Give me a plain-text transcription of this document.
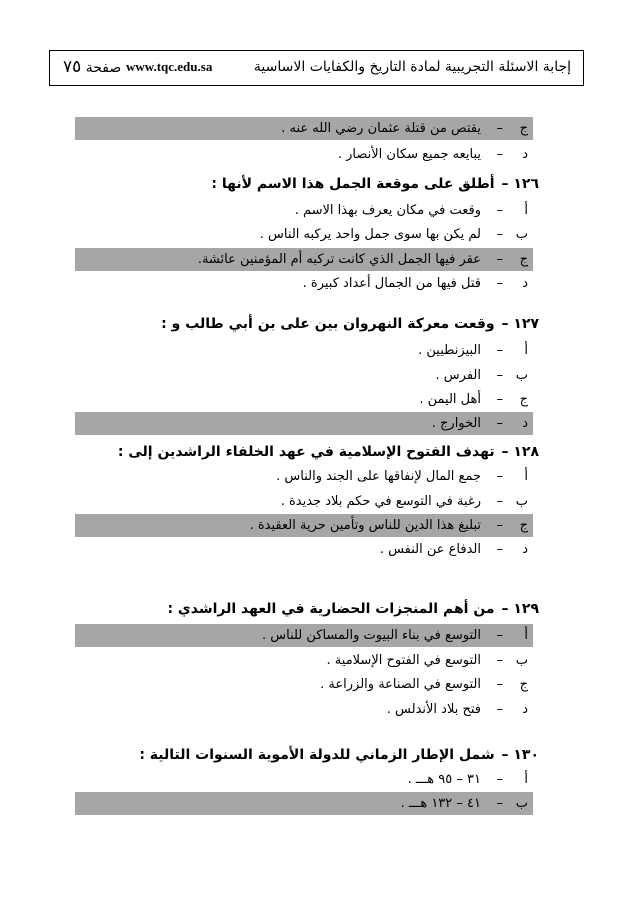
إجابة الاسئلة التجريبية لمادة التاريخ والكفايات الاساسية
www.tqc.edu.sa
صفحة ٧٥
ج
–
يقتص من قتلة عثمان رضي الله عنه .
د
–
يبايعه جميع سكان الأنصار .
١٢٦ – أطلق على موقعة الجمل هذا الاسم لأنها :
أ
–
وقعت في مكان يعرف بهذا الاسم .
ب
–
لم يكن بها سوى جمل واحد يركبه الناس .
ج
–
عقر فيها الجمل الذي كانت تركبه أم المؤمنين عائشة.
د
–
قتل فيها من الجمال أعداد كبيرة .
١٢٧ – وقعت معركة النهروان بين على بن أبي طالب و :
أ
–
البيزنطيين .
ب
–
الفرس .
ج
–
أهل اليمن .
د
–
الخوارج .
١٢٨ – تهدف الفتوح الإسلامية في عهد الخلفاء الراشدين إلى :
أ
–
جمع المال لإنفاقها على الجند والناس .
ب
–
رغبة في التوسع في حكم بلاد جديدة .
ج
–
تبليغ هذا الدين للناس وتأمين حرية العقيدة .
د
–
الدفاع عن النفس .
١٢٩ – من أهم المنجزات الحضارية في العهد الراشدي :
أ
–
التوسع في بناء البيوت والمساكن للناس .
ب
–
التوسع في الفتوح الإسلامية .
ج
–
التوسع في الصناعة والزراعة .
د
–
فتح بلاد الأندلس .
١٣٠ – شمل الإطار الزماني للدولة الأموية السنوات التالية :
أ
–
٣١ – ٩٥ هـــ .
ب
–
٤١ – ١٣٢ هـــ .
